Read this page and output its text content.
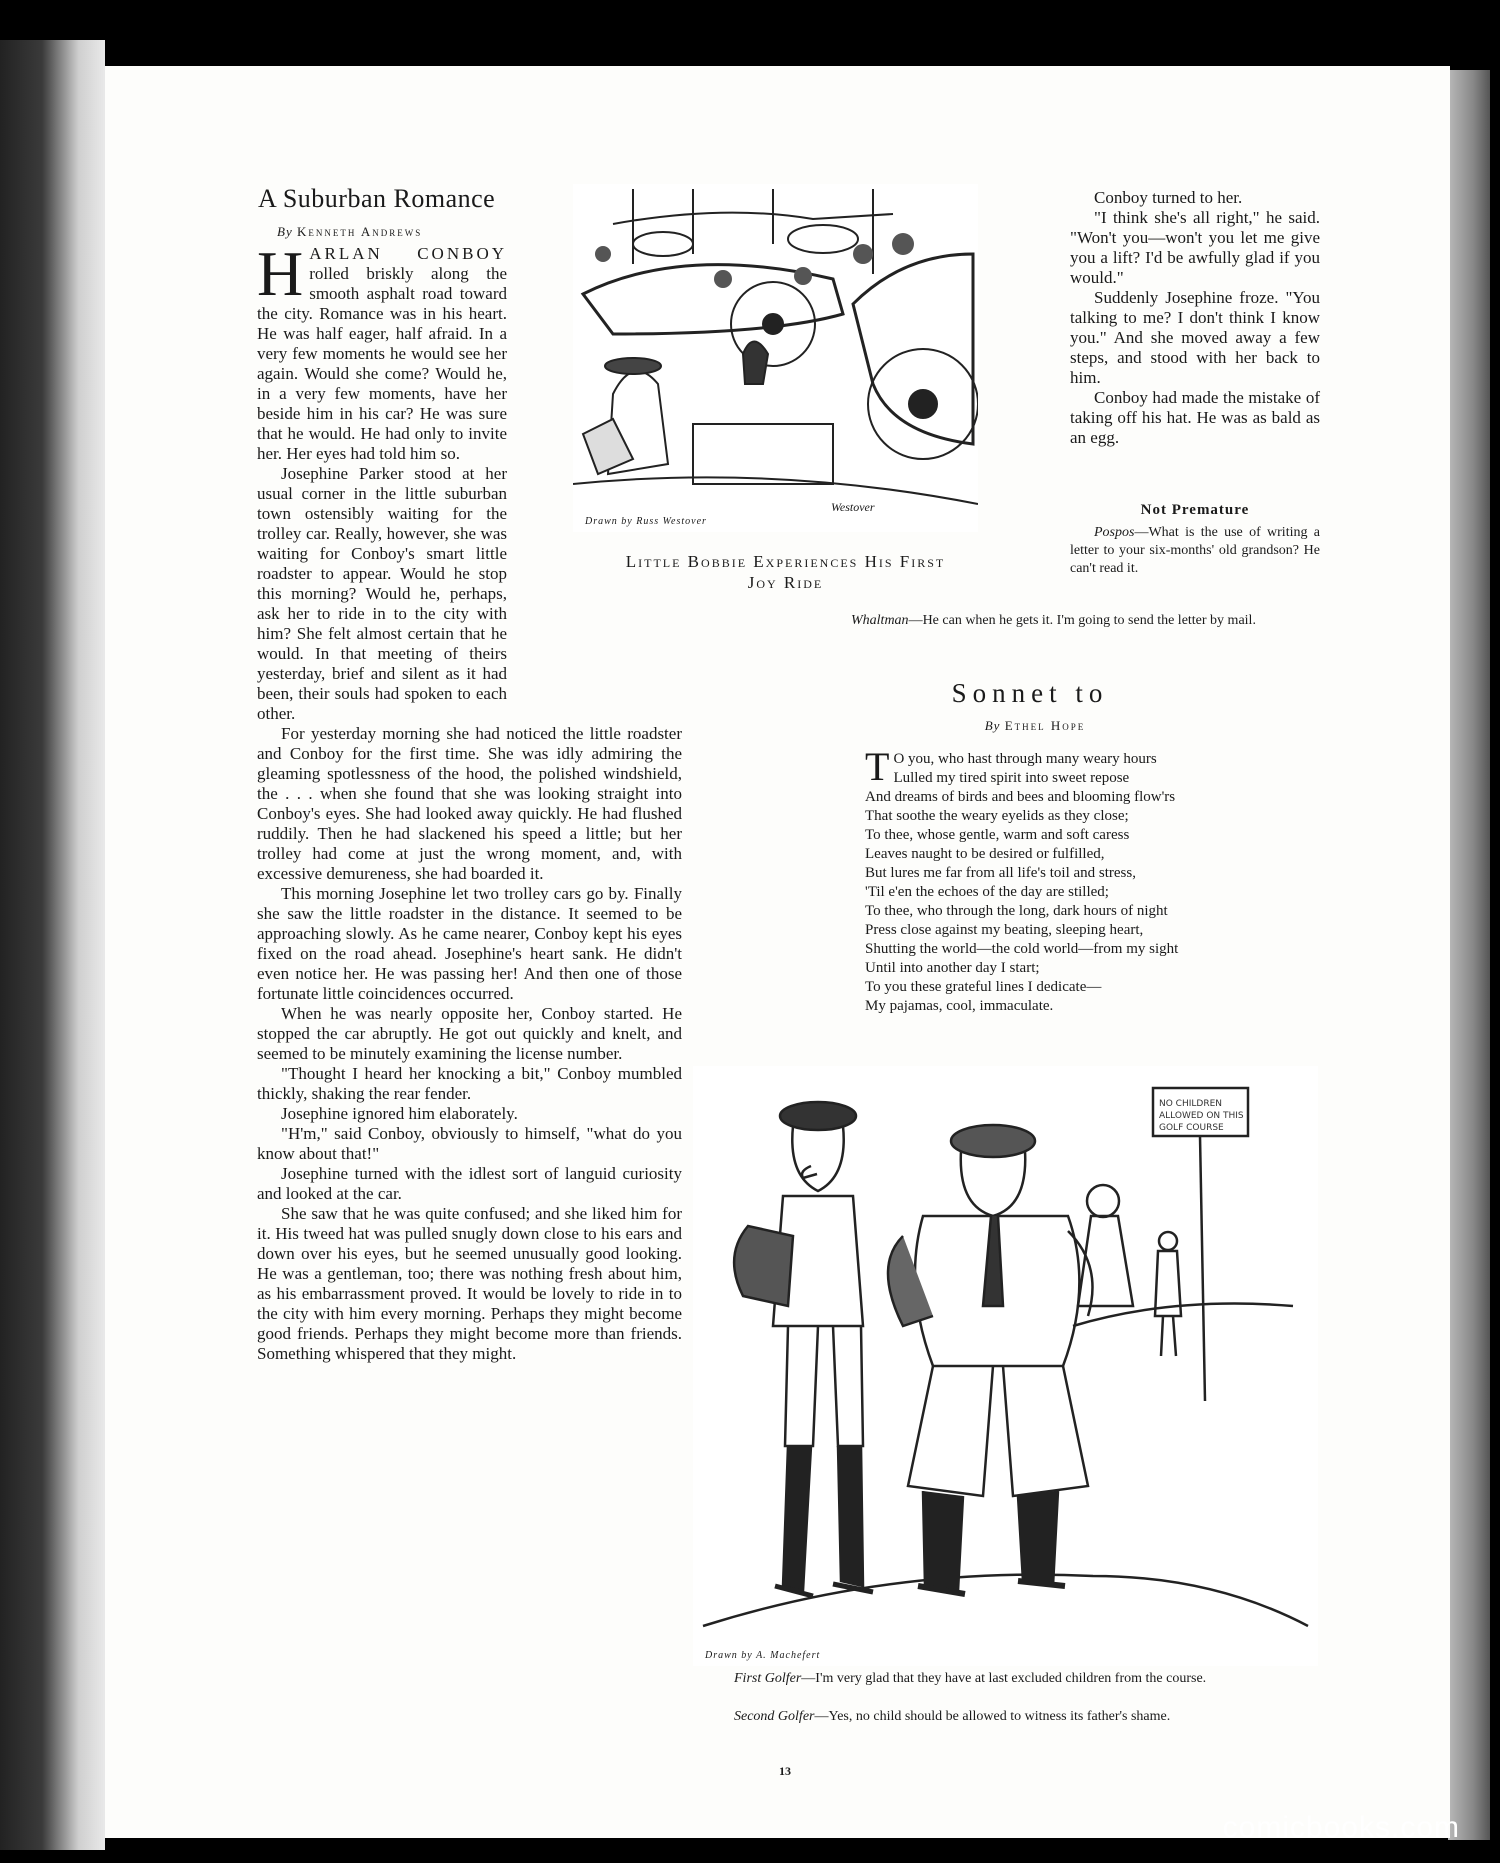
A Suburban Romance
By Kenneth Andrews
H ARLAN CONBOY rolled briskly along the smooth asphalt road toward the city. Romance was in his heart. He was half eager, half afraid. In a very few moments he would see her again. Would she come? Would he, in a very few moments, have her beside him in his car? He was sure that he would. He had only to invite her. Her eyes had told him so.

Josephine Parker stood at her usual corner in the little suburban town ostensibly waiting for the trolley car. Really, however, she was waiting for Conboy's smart little roadster to appear. Would he stop this morning? Would he, perhaps, ask her to ride in to the city with him? She felt almost certain that he would. In that meeting of theirs yesterday, brief and silent as it had been, their souls had spoken to each other.

For yesterday morning she had noticed the little roadster and Conboy for the first time. She was idly admiring the gleaming spotlessness of the hood, the polished windshield, the . . . when she found that she was looking straight into Conboy's eyes. She had looked away quickly. He had flushed ruddily. Then he had slackened his speed a little; but her trolley had come at just the wrong moment, and, with excessive demureness, she had boarded it.

This morning Josephine let two trolley cars go by. Finally she saw the little roadster in the distance. It seemed to be approaching slowly. As he came nearer, Conboy kept his eyes fixed on the road ahead. Josephine's heart sank. He didn't even notice her. He was passing her! And then one of those fortunate little coincidences occurred.

When he was nearly opposite her, Conboy started. He stopped the car abruptly. He got out quickly and knelt, and seemed to be minutely examining the license number.

"Thought I heard her knocking a bit," Conboy mumbled thickly, shaking the rear fender.

Josephine ignored him elaborately.

"H'm," said Conboy, obviously to himself, "what do you know about that!"

Josephine turned with the idlest sort of languid curiosity and looked at the car.

She saw that he was quite confused; and she liked him for it. His tweed hat was pulled snugly down close to his ears and down over his eyes, but he seemed unusually good looking. He was a gentleman, too; there was nothing fresh about him, as his embarrassment proved. It would be lovely to ride in to the city with him every morning. Perhaps they might become good friends. Perhaps they might become more than friends. Something whispered that they might.

Drawn by Russ Westover
Westover
Little Bobbie Experiences His First
Joy Ride

Conboy turned to her.

"I think she's all right," he said. "Won't you—won't you let me give you a lift? I'd be awfully glad if you would."

Suddenly Josephine froze. "You talking to me? I don't think I know you." And she moved away a few steps, and stood with her back to him.

Conboy had made the mistake of taking off his hat. He was as bald as an egg.

Not Premature
Pospos—What is the use of writing a letter to your six-months' old grandson? He can't read it.
Whaltman—He can when he gets it. I'm going to send the letter by mail.
Sonnet to
By Ethel Hope
T O you, who hast through many weary hours
Lulled my tired spirit into sweet repose
And dreams of birds and bees and blooming flow'rs
That soothe the weary eyelids as they close;
To thee, whose gentle, warm and soft caress
Leaves naught to be desired or fulfilled,
But lures me far from all life's toil and stress,
'Til e'en the echoes of the day are stilled;
To thee, who through the long, dark hours of night
Press close against my beating, sleeping heart,
Shutting the world—the cold world—from my sight
Until into another day I start;
To you these grateful lines I dedicate—
My pajamas, cool, immaculate.
NO CHILDREN
ALLOWED ON THIS
GOLF COURSE
Drawn by A. Machefert
First Golfer—I'm very glad that they have at last excluded children from the course.
Second Golfer—Yes, no child should be allowed to witness its father's shame.
13
comicbooks.com
